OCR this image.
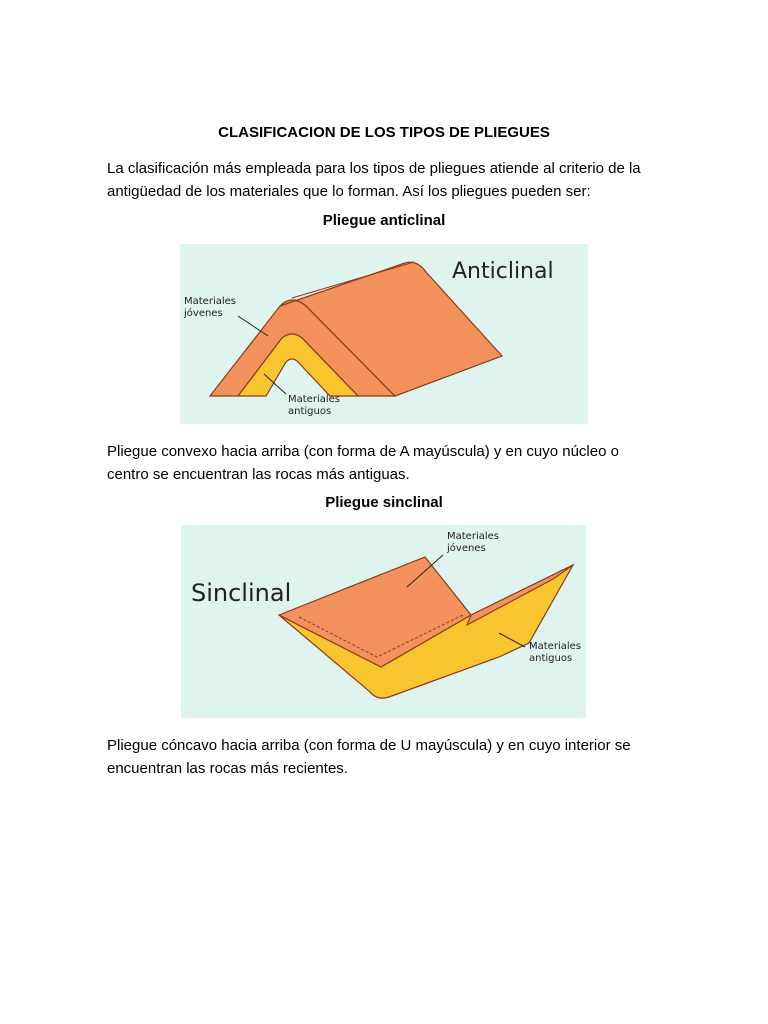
CLASIFICACION DE LOS TIPOS DE PLIEGUES

La clasificación más empleada para los tipos de pliegues atiende al criterio de la
antigüedad de los materiales que lo forman. Así los pliegues pueden ser:

Pliegue anticlinal
Anticlinal
Materiales
jóvenes
Materiales
antiguos

Pliegue convexo hacia arriba (con forma de A mayúscula) y en cuyo núcleo o
centro se encuentran las rocas más antiguas.

Pliegue sinclinal
Sinclinal
Materiales
jóvenes
Materiales
antiguos

Pliegue cóncavo hacia arriba (con forma de U mayúscula) y en cuyo interior se
encuentran las rocas más recientes.
